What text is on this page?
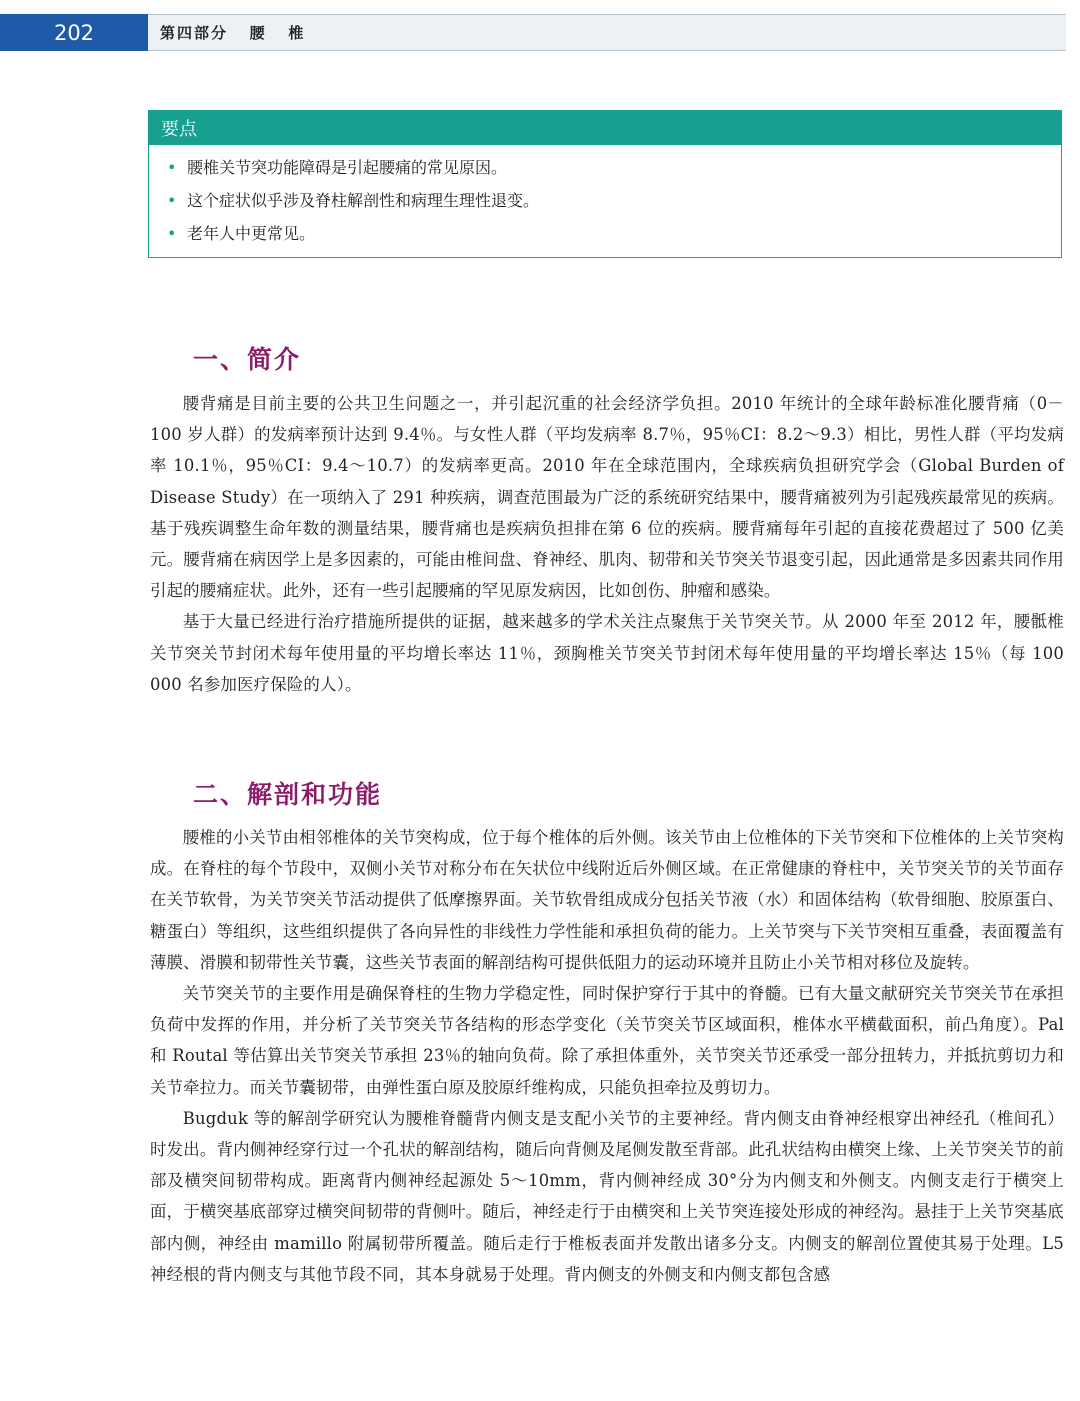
202	第四部分   腰   椎
要点
• 腰椎关节突功能障碍是引起腰痛的常见原因。
• 这个症状似乎涉及脊柱解剖性和病理生理性退变。
• 老年人中更常见。
一、简介

腰背痛是目前主要的公共卫生问题之一，并引起沉重的社会经济学负担。2010 年统计的全球年龄标准化腰背痛（0－100 岁人群）的发病率预计达到 9.4％。与女性人群（平均发病率 8.7％，95％CI：8.2～9.3）相比，男性人群（平均发病率 10.1％，95％CI：9.4～10.7）的发病率更高。2010 年在全球范围内，全球疾病负担研究学会（Global Burden of Disease Study）在一项纳入了 291 种疾病，调查范围最为广泛的系统研究结果中，腰背痛被列为引起残疾最常见的疾病。基于残疾调整生命年数的测量结果，腰背痛也是疾病负担排在第 6 位的疾病。腰背痛每年引起的直接花费超过了 500 亿美元。腰背痛在病因学上是多因素的，可能由椎间盘、脊神经、肌肉、韧带和关节突关节退变引起，因此通常是多因素共同作用引起的腰痛症状。此外，还有一些引起腰痛的罕见原发病因，比如创伤、肿瘤和感染。

基于大量已经进行治疗措施所提供的证据，越来越多的学术关注点聚焦于关节突关节。从 2000 年至 2012 年，腰骶椎关节突关节封闭术每年使用量的平均增长率达 11％，颈胸椎关节突关节封闭术每年使用量的平均增长率达 15％（每 100 000 名参加医疗保险的人）。

二、解剖和功能

腰椎的小关节由相邻椎体的关节突构成，位于每个椎体的后外侧。该关节由上位椎体的下关节突和下位椎体的上关节突构成。在脊柱的每个节段中，双侧小关节对称分布在矢状位中线附近后外侧区域。在正常健康的脊柱中，关节突关节的关节面存在关节软骨，为关节突关节活动提供了低摩擦界面。关节软骨组成成分包括关节液（水）和固体结构（软骨细胞、胶原蛋白、糖蛋白）等组织，这些组织提供了各向异性的非线性力学性能和承担负荷的能力。上关节突与下关节突相互重叠，表面覆盖有薄膜、滑膜和韧带性关节囊，这些关节表面的解剖结构可提供低阻力的运动环境并且防止小关节相对移位及旋转。

关节突关节的主要作用是确保脊柱的生物力学稳定性，同时保护穿行于其中的脊髓。已有大量文献研究关节突关节在承担负荷中发挥的作用，并分析了关节突关节各结构的形态学变化（关节突关节区域面积，椎体水平横截面积，前凸角度）。Pal 和 Routal 等估算出关节突关节承担 23％的轴向负荷。除了承担体重外，关节突关节还承受一部分扭转力，并抵抗剪切力和关节牵拉力。而关节囊韧带，由弹性蛋白原及胶原纤维构成，只能负担牵拉及剪切力。

Bugduk 等的解剖学研究认为腰椎脊髓背内侧支是支配小关节的主要神经。背内侧支由脊神经根穿出神经孔（椎间孔）时发出。背内侧神经穿行过一个孔状的解剖结构，随后向背侧及尾侧发散至背部。此孔状结构由横突上缘、上关节突关节的前部及横突间韧带构成。距离背内侧神经起源处 5～10mm，背内侧神经成 30°分为内侧支和外侧支。内侧支走行于横突上面，于横突基底部穿过横突间韧带的背侧叶。随后，神经走行于由横突和上关节突连接处形成的神经沟。悬挂于上关节突基底部内侧，神经由 mamillo 附属韧带所覆盖。随后走行于椎板表面并发散出诸多分支。内侧支的解剖位置使其易于处理。L5 神经根的背内侧支与其他节段不同，其本身就易于处理。背内侧支的外侧支和内侧支都包含感
